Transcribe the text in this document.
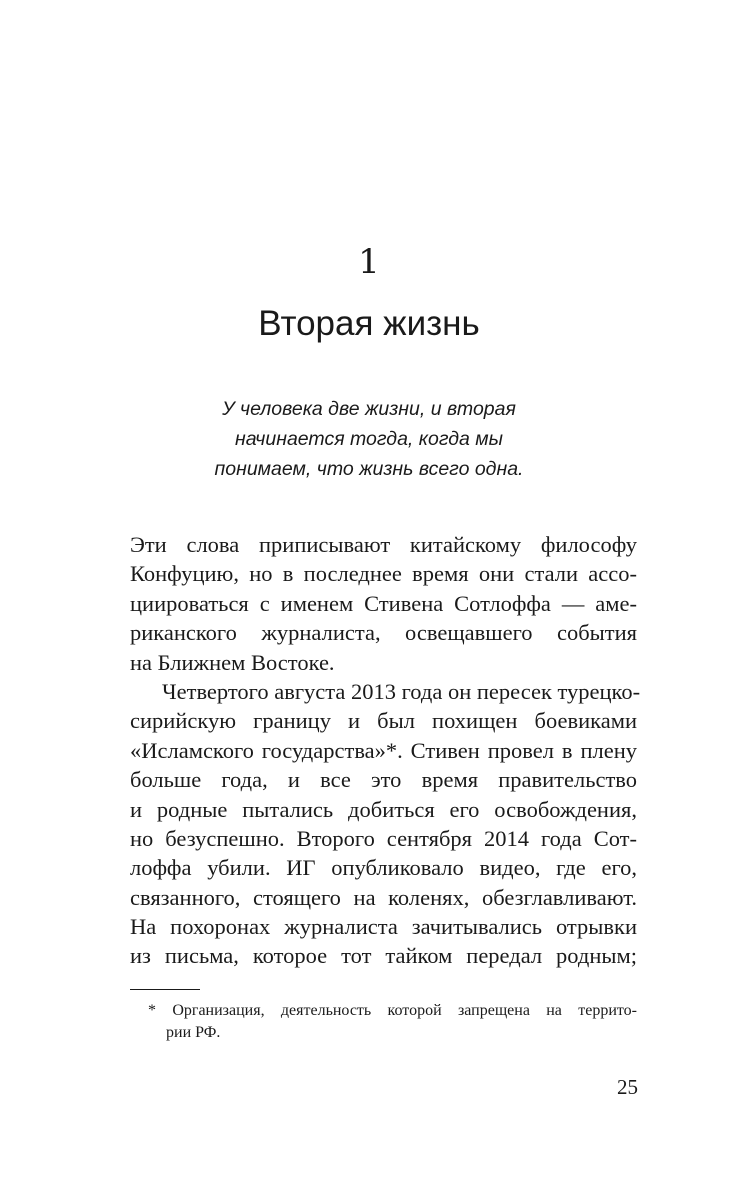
1
Вторая жизнь
У человека две жизни, и вторая
начинается тогда, когда мы
понимаем, что жизнь всего одна.
Эти слова приписывают китайскому философу
Конфуцию, но в последнее время они стали ассо-
циироваться с именем Стивена Сотлоффа — аме-
риканского журналиста, освещавшего события
на Ближнем Востоке.
Четвертого августа 2013 года он пересек турецко-
сирийскую границу и был похищен боевиками
«Исламского государства»*. Стивен провел в плену
больше года, и все это время правительство
и родные пытались добиться его освобождения,
но безуспешно. Второго сентября 2014 года Сот-
лоффа убили. ИГ опубликовало видео, где его,
связанного, стоящего на коленях, обезглавливают.
На похоронах журналиста зачитывались отрывки
из письма, которое тот тайком передал родным;
* Организация, деятельность которой запрещена на террито-
рии РФ.
25
